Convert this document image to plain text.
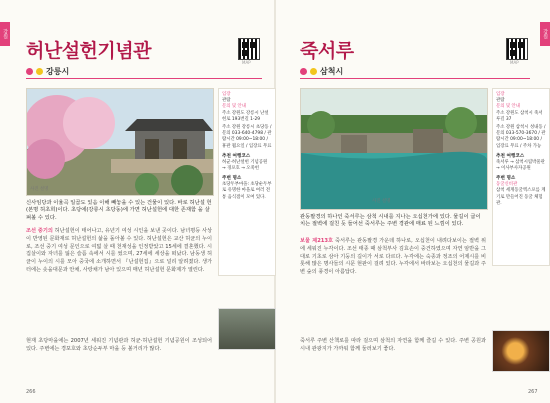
강원	강원
허난설헌기념관
MAP
강릉시
사진 설명
신사임당과 이율곡 일곱도 있음 이해 빼놓을 수 있는 건물이 있다. 바로 허난설 헌(본명 허초희)이다. 초당에(강릉시 초당동)에 가면 허난설헌에 대한 존재함 을 살펴볼 수 있다.
조선 중기의 허난설헌이 태어나고, 유년기 여성 시인을 보낸 곳이다. 남녀평등 사상이 반영된 문화재로 허난설헌의 삶을 돌아볼 수 있다. 허난설헌은 교산 허균의 누이로, 조선 중기 여성 문인으로 여덟 살 때 천재성을 인정받았고 15세에 결혼했다. 시집살이와 자녀를 잃은 슬픔 속에서 시를 썼으며, 27세에 세상을 떠났다. 남동생 허균이 누이의 시를 모아 중국에 소개하면서 『난설헌집』으로 널리 알려졌다. 생가터에는 솟을대문과 안채, 사랑채가 남아 있으며 매년 허난설헌 문화제가 열린다.
현재 초당마을에는 2007년 세워진 기념관과 허균·허난설헌 기념공원이 조성되어 있다. 주변에는 경포호와 초당순두부 마을 등 볼거리가 많다.
입장
관람
문의 및 안내
주소 강원도 강릉시 난설헌로 193번길 1-29
주소 강원 강릉시 초당동 / 문의 033-640-4798 / 관람시간 09:00~18:00 / 휴관 월요일 / 입장료 무료
추천 여행코스
허균·허난설헌 기념공원 → 경포호 → 오죽헌
주변 명소
초당두부마을: 초당순두부로 유명한 마을로 여러 전통 음식점이 모여 있다.
266
죽서루
MAP
삼척시
사진 설명
관동팔경의 하나인 죽서루는 삼척 시내를 지나는 오십천가에 있다. 물길이 굽이 치는 절벽에 걸친 듯 들어선 죽서루는 주변 경관에 매료 된 느낌이 있다.
보물 제213호 죽서루는 관동팔경 가운데 하나로, 오십천이 내려다보이는 절벽 위에 세워진 누각이다. 조선 태종 때 삼척부사 김효손이 중건하였으며 자연 암반을 그대로 기초로 삼아 기둥의 길이가 서로 다르다. 누각에는 숙종과 정조의 어제시를 비롯해 많은 명사들의 시문 현판이 걸려 있다. 누각에서 바라보는 오십천의 물길과 주변 숲의 풍경이 아름답다.
죽서루 주변 산책로를 따라 걸으며 삼척의 자연을 함께 즐길 수 있다. 주변 공원과 시내 관광지가 가까워 함께 둘러보기 좋다.
입장
관람
문의 및 안내
주소 강원도 삼척시 죽서루길 37
주소 강원 삼척시 성내동 / 문의 033-570-3670 / 관람시간 09:00~18:00 / 입장료 무료 / 주차 가능
추천 여행코스
죽서루 → 삼척시립박물관 → 이사부사자공원
주변 명소
동굴신비관
삼척 세계동굴엑스포를 계기로 만들어진 동굴 체험관.
267
